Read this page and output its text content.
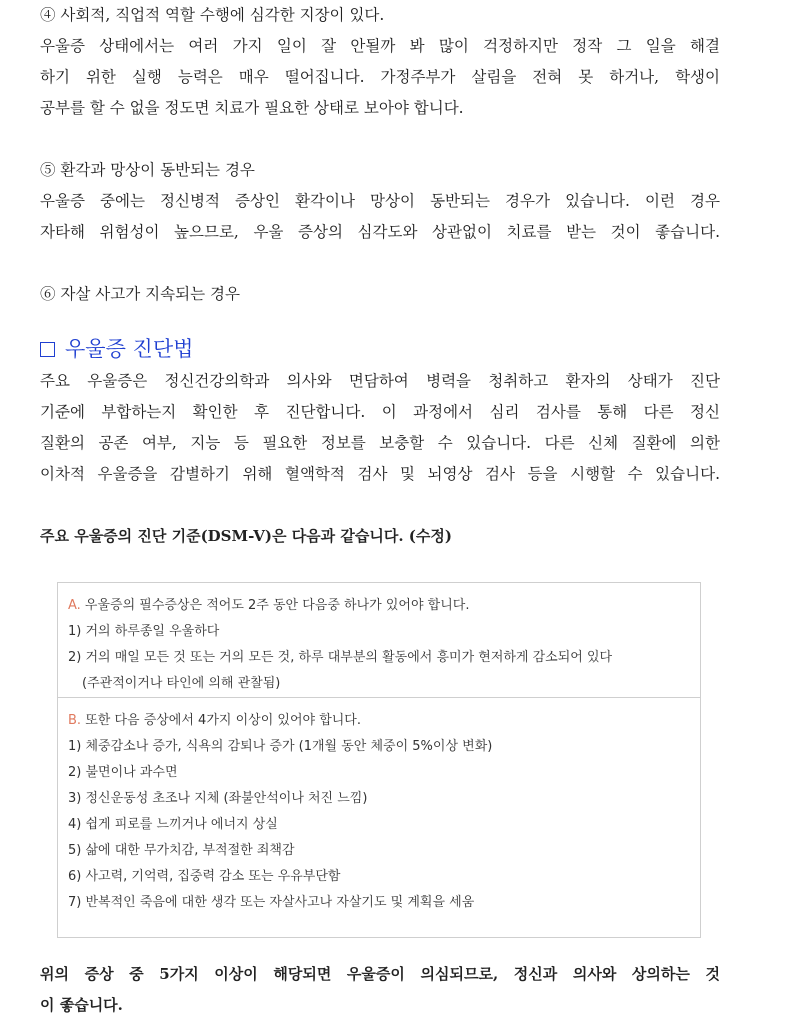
④ 사회적, 직업적 역할 수행에 심각한 지장이 있다.

우울증 상태에서는 여러 가지 일이 잘 안될까 봐 많이 걱정하지만 정작 그 일을 해결

하기 위한 실행 능력은 매우 떨어집니다. 가정주부가 살림을 전혀 못 하거나, 학생이

공부를 할 수 없을 정도면 치료가 필요한 상태로 보아야 합니다.

⑤ 환각과 망상이 동반되는 경우

우울증 중에는 정신병적 증상인 환각이나 망상이 동반되는 경우가 있습니다. 이런 경우

자타해 위험성이 높으므로, 우울 증상의 심각도와 상관없이 치료를 받는 것이 좋습니다.

⑥ 자살 사고가 지속되는 경우

우울증 진단법

주요 우울증은 정신건강의학과 의사와 면담하여 병력을 청취하고 환자의 상태가 진단

기준에 부합하는지 확인한 후 진단합니다. 이 과정에서 심리 검사를 통해 다른 정신

질환의 공존 여부, 지능 등 필요한 정보를 보충할 수 있습니다. 다른 신체 질환에 의한

이차적 우울증을 감별하기 위해 혈액학적 검사 및 뇌영상 검사 등을 시행할 수 있습니다.

주요 우울증의 진단 기준(DSM-V)은 다음과 같습니다. (수정)

A. 우울증의 필수증상은 적어도 2주 동안 다음중 하나가 있어야 합니다.

1) 거의 하루종일 우울하다

2) 거의 매일 모든 것 또는 거의 모든 것, 하루 대부분의 활동에서 흥미가 현저하게 감소되어 있다

(주관적이거나 타인에 의해 관찰됨)

B. 또한 다음 증상에서 4가지 이상이 있어야 합니다.

1) 체중감소나 증가, 식욕의 감퇴나 증가 (1개월 동안 체중이 5%이상 변화)

2) 불면이나 과수면

3) 정신운동성 초조나 지체 (좌불안석이나 처진 느낌)

4) 쉽게 피로를 느끼거나 에너지 상실

5) 삶에 대한 무가치감, 부적절한 죄책감

6) 사고력, 기억력, 집중력 감소 또는 우유부단함

7) 반복적인 죽음에 대한 생각 또는 자살사고나 자살기도 및 계획을 세움

위의 증상 중 5가지 이상이 해당되면 우울증이 의심되므로, 정신과 의사와 상의하는 것

이 좋습니다.
